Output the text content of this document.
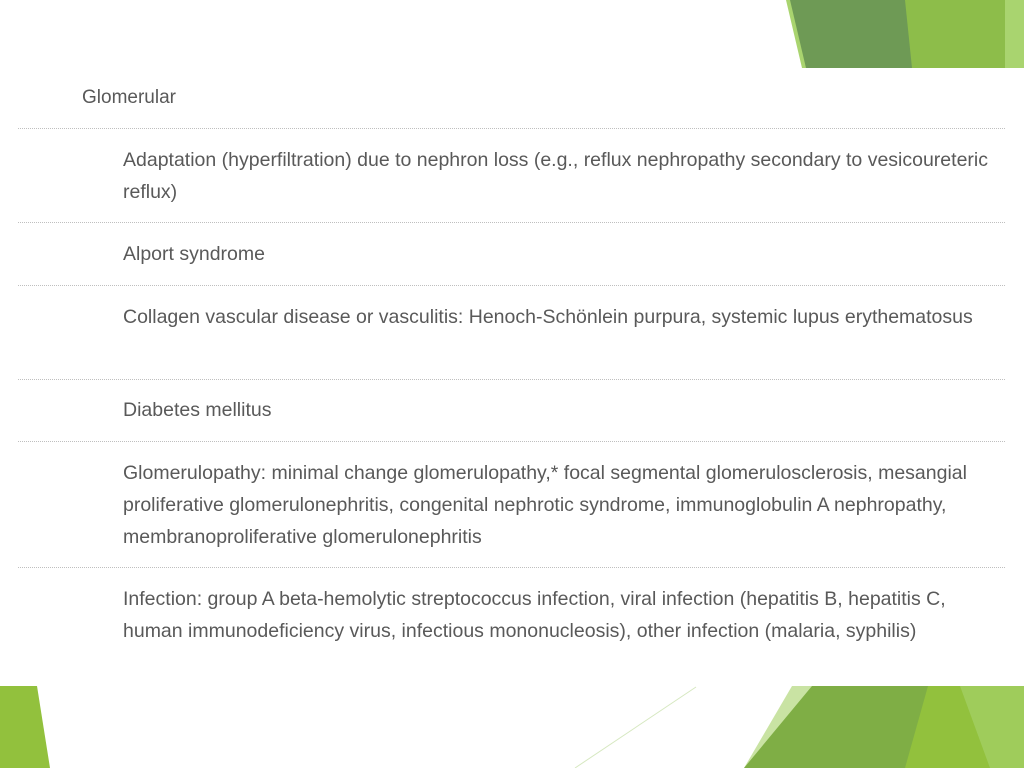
Glomerular
Adaptation (hyperfiltration) due to nephron loss (e.g., reflux nephropathy secondary to vesicoureteric reflux)
Alport syndrome
Collagen vascular disease or vasculitis: Henoch-Schönlein purpura, systemic lupus erythematosus
Diabetes mellitus
Glomerulopathy: minimal change glomerulopathy,* focal segmental glomerulosclerosis, mesangial proliferative glomerulonephritis, congenital nephrotic syndrome, immunoglobulin A nephropathy, membranoproliferative glomerulonephritis
Infection: group A beta-hemolytic streptococcus infection, viral infection (hepatitis B, hepatitis C, human immunodeficiency virus, infectious mononucleosis), other infection (malaria, syphilis)
